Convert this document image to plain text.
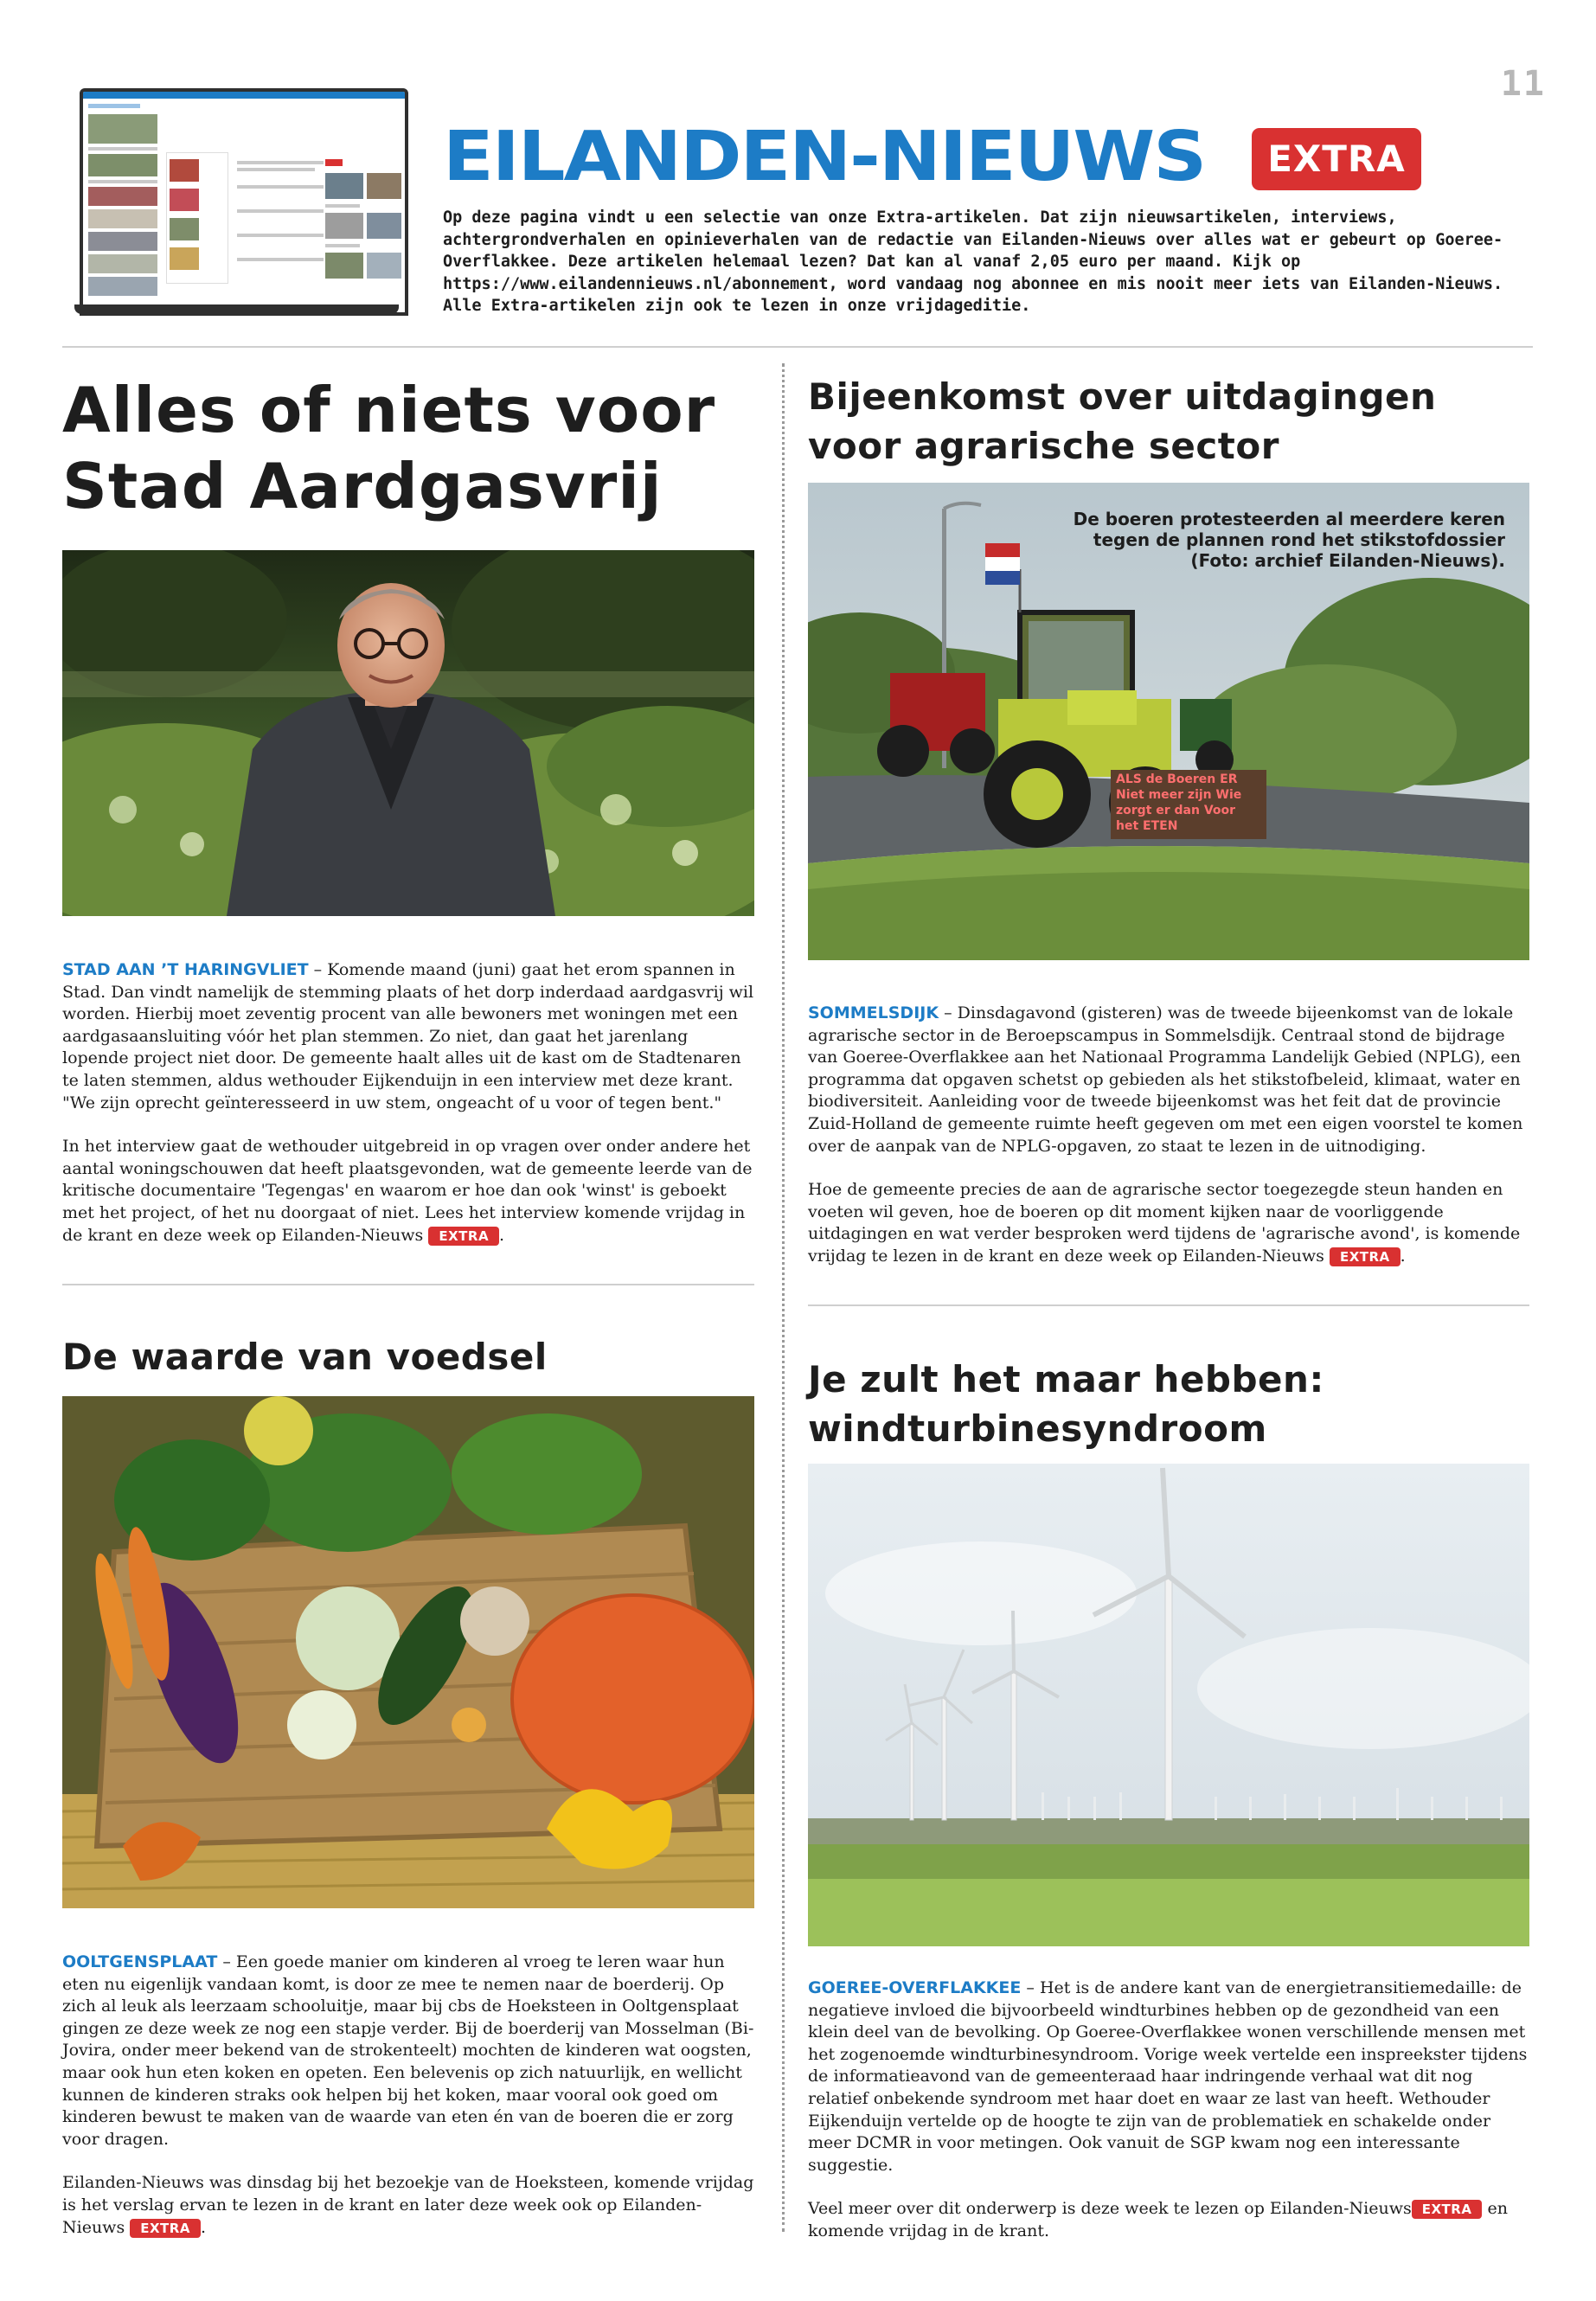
11
EILANDEN-NIEUWS	EXTRA
Op deze pagina vindt u een selectie van onze Extra-artikelen. Dat zijn nieuwsartikelen, interviews, achtergrondverhalen en opinieverhalen van de redactie van Eilanden-Nieuws over alles wat er gebeurt op Goeree-Overflakkee. Deze artikelen helemaal lezen? Dat kan al vanaf 2,05 euro per maand. Kijk op https://www.eilandennieuws.nl/abonnement, word vandaag nog abonnee en mis nooit meer iets van Eilanden-Nieuws. Alle Extra-artikelen zijn ook te lezen in onze vrijdageditie.
Alles of niets voor Stad Aardgasvrij

STAD AAN ’T HARINGVLIET – Komende maand (juni) gaat het erom spannen in Stad. Dan vindt namelijk de stemming plaats of het dorp inderdaad aardgasvrij wil worden. Hierbij moet zeventig procent van alle bewoners met woningen met een aardgasaansluiting vóór het plan stemmen. Zo niet, dan gaat het jarenlang lopende project niet door. De gemeente haalt alles uit de kast om de Stadtenaren te laten stemmen, aldus wethouder Eijkenduijn in een interview met deze krant. "We zijn oprecht geïnteresseerd in uw stem, ongeacht of u voor of tegen bent."

In het interview gaat de wethouder uitgebreid in op vragen over onder andere het aantal woningschouwen dat heeft plaatsgevonden, wat de gemeente leerde van de kritische documentaire 'Tegengas' en waarom er hoe dan ook 'winst' is geboekt met het project, of het nu doorgaat of niet. Lees het interview komende vrijdag in de krant en deze week op Eilanden-Nieuws EXTRA .

Bijeenkomst over uitdagingen
voor agrarische sector
De boeren protesteerden al meerdere keren tegen de plannen rond het stikstofdossier (Foto: archief Eilanden-Nieuws).
ALS de Boeren ER Niet meer zijn Wie zorgt er dan Voor het ETEN

SOMMELSDIJK – Dinsdagavond (gisteren) was de tweede bijeenkomst van de lokale agrarische sector in de Beroepscampus in Sommelsdijk. Centraal stond de bijdrage van Goeree-Overflakkee aan het Nationaal Programma Landelijk Gebied (NPLG), een programma dat opgaven schetst op gebieden als het stikstofbeleid, klimaat, water en biodiversiteit. Aanleiding voor de tweede bijeenkomst was het feit dat de provincie Zuid-Holland de gemeente ruimte heeft gegeven om met een eigen voorstel te komen over de aanpak van de NPLG-opgaven, zo staat te lezen in de uitnodiging.

Hoe de gemeente precies de aan de agrarische sector toegezegde steun handen en voeten wil geven, hoe de boeren op dit moment kijken naar de voorliggende uitdagingen en wat verder besproken werd tijdens de 'agrarische avond', is komende vrijdag te lezen in de krant en deze week op Eilanden-Nieuws EXTRA .

De waarde van voedsel

OOLTGENSPLAAT – Een goede manier om kinderen al vroeg te leren waar hun eten nu eigenlijk vandaan komt, is door ze mee te nemen naar de boerderij. Op zich al leuk als leerzaam schooluitje, maar bij cbs de Hoeksteen in Ooltgensplaat gingen ze deze week ze nog een stapje verder. Bij de boerderij van Mosselman (Bi-Jovira, onder meer bekend van de strokenteelt) mochten de kinderen wat oogsten, maar ook hun eten koken en opeten. Een belevenis op zich natuurlijk, en wellicht kunnen de kinderen straks ook helpen bij het koken, maar vooral ook goed om kinderen bewust te maken van de waarde van eten én van de boeren die er zorg voor dragen.

Eilanden-Nieuws was dinsdag bij het bezoekje van de Hoeksteen, komende vrijdag is het verslag ervan te lezen in de krant en later deze week ook op Eilanden-Nieuws EXTRA .

Je zult het maar hebben:
windturbinesyndroom

GOEREE-OVERFLAKKEE – Het is de andere kant van de energietransitiemedaille: de negatieve invloed die bijvoorbeeld windturbines hebben op de gezondheid van een klein deel van de bevolking. Op Goeree-Overflakkee wonen verschillende mensen met het zogenoemde windturbinesyndroom. Vorige week vertelde een inspreekster tijdens de informatieavond van de gemeenteraad haar indringende verhaal wat dit nog relatief onbekende syndroom met haar doet en waar ze last van heeft. Wethouder Eijkenduijn vertelde op de hoogte te zijn van de problematiek en schakelde onder meer DCMR in voor metingen. Ook vanuit de SGP kwam nog een interessante suggestie.

Veel meer over dit onderwerp is deze week te lezen op Eilanden-Nieuws EXTRA en komende vrijdag in de krant.
